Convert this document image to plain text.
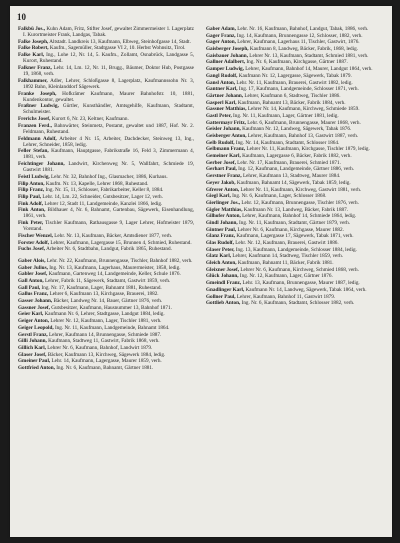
10
Falkbü Jos., Kuhn Adam, Fritz, Stifter Josef, gewaltet Zimmermeister 1. Lagerplatz I. Kurortmeister Frank, Landgas, Tabak.
Falke Joseph, Altstadt. Landkreis 13, Kaufmann, Elbweg, Steinhofgasse 14, Stadt.
Falke Robert, Kaufm., Sagemüller, Stadtgasse VI 2, 10. Herbst Wohnsitz, Tirol.
Falke Karl, Ing., Lohe 12, Nr. 14, 5. Kaufm., Zollamt, Osnabrück, Landgasse 5, Kurort, Ruhestand.
Falkner Franz, Lehr. 14, Lm. 12, Nr. 11, Brugg., Bäumer, Doktor Hub, Postgasse 19, 1868, verh.
Falkhammer, Adler, Lehrer, Schloßgasse 8, Lagerplatz, Kaufmannssohn Nr. 3, 1892 Bahn, Kleinlanddorf Sägewerk.
Franke Joseph, Hofkrämer Kaufmann, Maurer Bahnhofstr. 10, 1881, Kundenkontor, gewaltet.
Fraßner Ludwig, Gürtler, Kunsthändler, Amtsgehilfe, Kaufmann, Stadtamt, Schulmeister.
Frerichs Josef, Kurort 6, Nr. 23, Keltner, Kaufmann.
Franzen Ferd., Bahnwärter, Steinmetz, Postamt, gewaltet und 1887, Hof. Nr. 2. Feldmann, Ruhestand.
Feldmann Adolf, Arbeiter 4 Nr. 15, Arbeiter, Dachdecker, Steinweg 13, Ing., Lehrer, Schneider, 1858, ledig.
Feller Stefan, Kaufmann, Hauptgasse, Fabrikstraße 16, Feld 3, Zimmermann 4, 1881, verh.
Feichtinger Johann, Landwirt, Kirchenweg Nr. 5, Wallfahrt, Schmiede 19, Gastwirt 1881.
Feistl Ludwig, Lehr. Nr. 32, Bahnhof Ing., Glasmacher, 1886, Kurhaus.
Filip Anton, Kaufm. Nr. 13, Kapelle, Lehrer 1868, Ruhestand.
Filip Franz, Ing. Nr. 15, 11, Schlosser, Fabrikarbeiter, Keller 8, 1884.
Filip Paul, Lehr. 14, Lm. 22, Schneider, Gutsbesitzer, Lager 12, verh.
Fink Adolf, Lehrer 12, Stadt 11, Landgemeinde, Kanzlei 1866, ledig.
Fink Anton, Bildhauer 4, Nr. 6, Bahnamt, Gartenbau, Sägewerk, Eisenhandlung, 1861, verh.
Fink Peter, Tischler Kaufmann, Rathausgasse 9, Lager Lehrer, Hofmeister 1879, Vorstand.
Fischer Wenzel, Lehr. Nr. 13, Kaufmann, Bäcker, Amtsdiener 1877, verh.
Forster Adolf, Lehrer, Kaufmann, Lagergasse 15, Brunnen 4, Schmied, Ruhestand.
Fuchs Josef, Arbeiter Nr. 6, Stadtbahn, Landgut, Fabrik 1865, Ruhestand.
Gaber Alois, Lehr. Nr. 22, Kaufmann, Brunnengasse, Tischler, Bahnhof 1882, verh.
Gaber Julius, Ing. Nr. 13, Kaufmann, Lagerhaus, Maurermeister, 1858, ledig.
Gabler Josef, Kaufmann, Gartenweg 14, Landgemeinde, Keller, Schule 1876.
Gall Anton, Lehrer, Fabrik 11, Sägewerk, Stadtamt, Gastwirt 1859, verh.
Gall Paul, Ing. Nr. 17, Kaufmann, Lager, Bahnamt 1881, Ruhestand.
Gallus Franz, Lehrer 6, Kaufmann 13, Kirchgasse, Brauerei, 1882.
Gasser Johann, Bäcker, Landweg Nr. 14, Bauer, Gärtner 1876, verh.
Gassner Josef, Gutsbesitzer, Kaufmann, Hausnummer 13, Bahnhof 1871.
Geier Karl, Kaufmann Nr. 6, Lehrer, Stadtgasse, Landgut 1884, ledig.
Geiger Anton, Lehrer Nr. 12, Kaufmann, Lager, Tischler 1881, verh.
Geiger Leopold, Ing. Nr. 11, Kaufmann, Landgemeinde, Bahnamt 1864.
Gerstl Franz, Lehrer, Kaufmann 14, Brunnengasse, Schmiede 1887.
Gilli Johann, Kaufmann, Stadtweg 11, Gastwirt, Fabrik 1868, verh.
Gillich Karl, Lehrer Nr. 6, Kaufmann, Bahnhof, Landwirt 1879.
Glaser Josef, Bäcker, Kaufmann 13, Kirchweg, Sägewerk 1884, ledig.
Gmeiner Paul, Lehr. 14, Kaufmann, Lagergasse, Maurer 1859, verh.
Gottfried Anton, Ing. Nr. 6, Kaufmann, Bahnamt, Gärtner 1881.
Gaber Adam, Lehr. Nr. 16, Kaufmann, Bahnhof, Landgut, Tabak, 1886, verh.
Gager Franz, Ing. 14, Kaufmann, Brunnengasse 12, Schlosser, 1882, verh.
Gager Anton, Lehrer, Kaufmann, Lagerhaus 11, Tischler, Gastwirt, 1876.
Gaisberger Joseph, Kaufmann 8, Landweg, Bäcker, Fabrik, 1868, ledig.
Gaisbauer Johann, Lehrer Nr. 13, Kaufmann, Stadtamt, Schmied 1881, verh.
Gallner Adalbert, Ing. Nr. 6, Kaufmann, Kirchgasse, Gärtner 1887.
Gamper Ludwig, Lehrer, Kaufmann, Bahnhof 14, Maurer, Landgut 1864, verh.
Gangl Rudolf, Kaufmann Nr. 12, Lagergasse, Sägewerk, Tabak 1879.
Gansl Anton, Lehr. Nr. 11, Kaufmann, Brauerei, Gastwirt 1882, ledig.
Gantner Karl, Ing. 17, Kaufmann, Landgemeinde, Schlosser 1871, verh.
Gärtner Johann, Lehrer, Kaufmann 6, Stadtweg, Tischler 1886.
Gasperl Karl, Kaufmann, Bahnamt 13, Bäcker, Fabrik 1884, verh.
Gassner Matthias, Lehrer Nr. 14, Kaufmann, Kirchweg, Schmiede 1859.
Gastl Peter, Ing. Nr. 11, Kaufmann, Lager, Gärtner 1881, ledig.
Gattermayr Fritz, Lehr. 6, Kaufmann, Brunnengasse, Maurer 1868, verh.
Geisler Johann, Kaufmann Nr. 12, Landweg, Sägewerk, Tabak 1876.
Geisberger Anton, Lehrer, Kaufmann, Bahnhof 13, Gastwirt 1887, verh.
Gelb Rudolf, Ing. Nr. 14, Kaufmann, Stadtamt, Schlosser 1864.
Gelbmann Franz, Lehrer Nr. 11, Kaufmann, Kirchgasse, Tischler 1879, ledig.
Gemeiner Karl, Kaufmann, Lagergasse 6, Bäcker, Fabrik 1882, verh.
Gerber Josef, Lehr. Nr. 17, Kaufmann, Brauerei, Schmied 1871.
Gerhart Paul, Ing. 12, Kaufmann, Landgemeinde, Gärtner 1886, verh.
Gerstner Franz, Lehrer, Kaufmann 13, Stadtweg, Maurer 1884.
Geyer Jakob, Kaufmann, Bahnamt 14, Sägewerk, Tabak 1859, ledig.
Gfrerer Anton, Lehrer Nr. 11, Kaufmann, Kirchweg, Gastwirt 1881, verh.
Giegl Karl, Ing. Nr. 6, Kaufmann, Lager, Schlosser 1868.
Gierlinger Jos., Lehr. 12, Kaufmann, Brunnengasse, Tischler 1876, verh.
Gigler Matthias, Kaufmann Nr. 13, Landweg, Bäcker, Fabrik 1887.
Gilhofer Anton, Lehrer, Kaufmann, Bahnhof 14, Schmiede 1864, ledig.
Gindl Johann, Ing. Nr. 11, Kaufmann, Stadtamt, Gärtner 1879, verh.
Gintner Paul, Lehrer Nr. 6, Kaufmann, Kirchgasse, Maurer 1882.
Glanz Franz, Kaufmann, Lagergasse 17, Sägewerk, Tabak 1871, verh.
Glas Rudolf, Lehr. Nr. 12, Kaufmann, Brauerei, Gastwirt 1886.
Glaser Peter, Ing. 13, Kaufmann, Landgemeinde, Schlosser 1884, ledig.
Glatz Karl, Lehrer, Kaufmann 14, Stadtweg, Tischler 1859, verh.
Gleich Anton, Kaufmann, Bahnamt 11, Bäcker, Fabrik 1881.
Gleixner Josef, Lehrer Nr. 6, Kaufmann, Kirchweg, Schmied 1868, verh.
Glück Johann, Ing. Nr. 12, Kaufmann, Lager, Gärtner 1876.
Gmeindl Franz, Lehr. 13, Kaufmann, Brunnengasse, Maurer 1887, ledig.
Gnadlinger Karl, Kaufmann Nr. 14, Landweg, Sägewerk, Tabak 1864, verh.
Gollner Paul, Lehrer, Kaufmann, Bahnhof 11, Gastwirt 1879.
Gottlieb Anton, Ing. Nr. 6, Kaufmann, Stadtamt, Schlosser 1882, verh.
